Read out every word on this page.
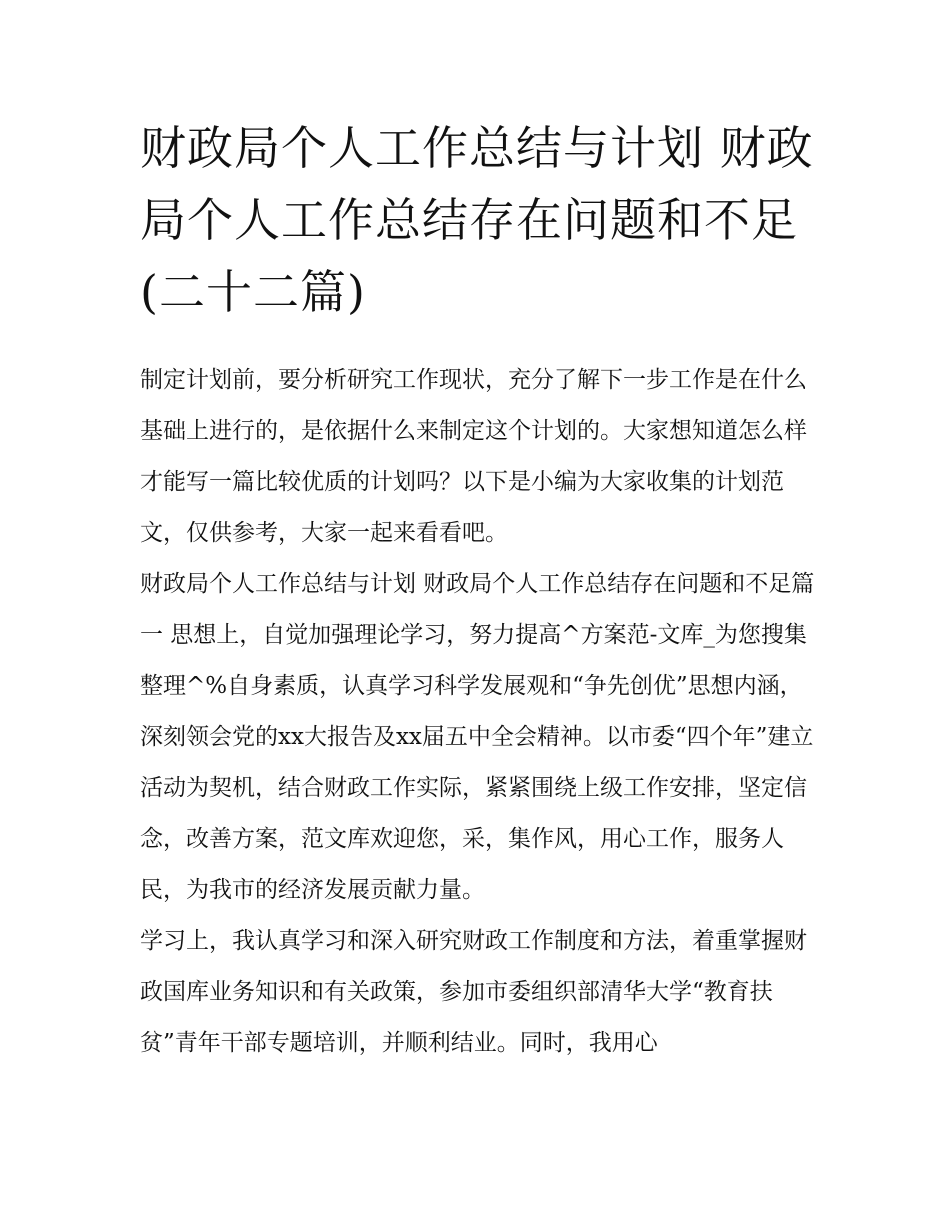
财政局个人工作总结与计划 财政局个人工作总结存在问题和不足(二十二篇)

制定计划前，要分析研究工作现状，充分了解下一步工作是在什么基础上进行的，是依据什么来制定这个计划的。大家想知道怎么样才能写一篇比较优质的计划吗？以下是小编为大家收集的计划范文，仅供参考，大家一起来看看吧。

财政局个人工作总结与计划 财政局个人工作总结存在问题和不足篇一 思想上，自觉加强理论学习，努力提高^方案范-文库_为您搜集整理^%自身素质，认真学习科学发展观和“争先创优”思想内涵，深刻领会党的xx大报告及xx届五中全会精神。以市委“四个年”建立活动为契机，结合财政工作实际，紧紧围绕上级工作安排，坚定信念，改善方案，范文库欢迎您，采，集作风，用心工作，服务人民，为我市的经济发展贡献力量。

学习上，我认真学习和深入研究财政工作制度和方法，着重掌握财政国库业务知识和有关政策，参加市委组织部清华大学“教育扶贫”青年干部专题培训，并顺利结业。同时，我用心
